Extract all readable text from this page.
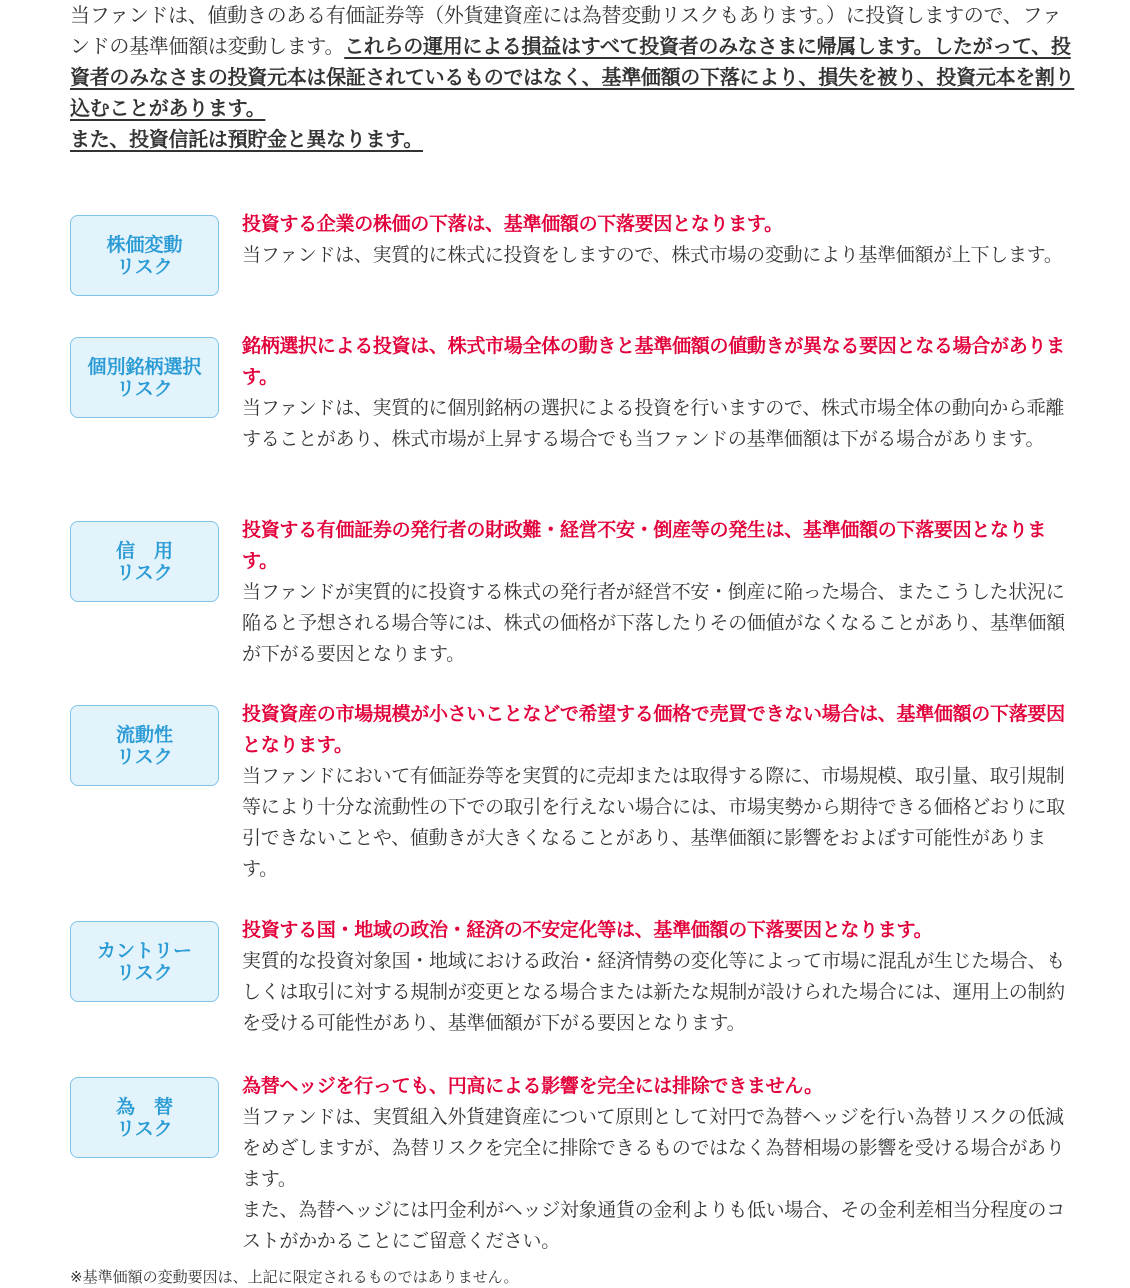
当ファンドは、値動きのある有価証券等（外貨建資産には為替変動リスクもあります。）に投資しますので、ファンドの基準価額は変動します。これらの運用による損益はすべて投資者のみなさまに帰属します。したがって、投資者のみなさまの投資元本は保証されているものではなく、基準価額の下落により、損失を被り、投資元本を割り込むことがあります。

また、投資信託は預貯金と異なります。

株価変動
リスク

投資する企業の株価の下落は、基準価額の下落要因となります。

当ファンドは、実質的に株式に投資をしますので、株式市場の変動により基準価額が上下します。

個別銘柄選択
リスク

銘柄選択による投資は、株式市場全体の動きと基準価額の値動きが異なる要因となる場合があります。

当ファンドは、実質的に個別銘柄の選択による投資を行いますので、株式市場全体の動向から乖離することがあり、株式市場が上昇する場合でも当ファンドの基準価額は下がる場合があります。

信　用
リスク

投資する有価証券の発行者の財政難・経営不安・倒産等の発生は、基準価額の下落要因となります。

当ファンドが実質的に投資する株式の発行者が経営不安・倒産に陥った場合、またこうした状況に陥ると予想される場合等には、株式の価格が下落したりその価値がなくなることがあり、基準価額が下がる要因となります。

流動性
リスク

投資資産の市場規模が小さいことなどで希望する価格で売買できない場合は、基準価額の下落要因となります。

当ファンドにおいて有価証券等を実質的に売却または取得する際に、市場規模、取引量、取引規制等により十分な流動性の下での取引を行えない場合には、市場実勢から期待できる価格どおりに取引できないことや、値動きが大きくなることがあり、基準価額に影響をおよぼす可能性があります。

カントリー
リスク

投資する国・地域の政治・経済の不安定化等は、基準価額の下落要因となります。

実質的な投資対象国・地域における政治・経済情勢の変化等によって市場に混乱が生じた場合、もしくは取引に対する規制が変更となる場合または新たな規制が設けられた場合には、運用上の制約を受ける可能性があり、基準価額が下がる要因となります。

為　替
リスク

為替ヘッジを行っても、円高による影響を完全には排除できません。

当ファンドは、実質組入外貨建資産について原則として対円で為替ヘッジを行い為替リスクの低減をめざしますが、為替リスクを完全に排除できるものではなく為替相場の影響を受ける場合があります。

また、為替ヘッジには円金利がヘッジ対象通貨の金利よりも低い場合、その金利差相当分程度のコストがかかることにご留意ください。

※基準価額の変動要因は、上記に限定されるものではありません。
